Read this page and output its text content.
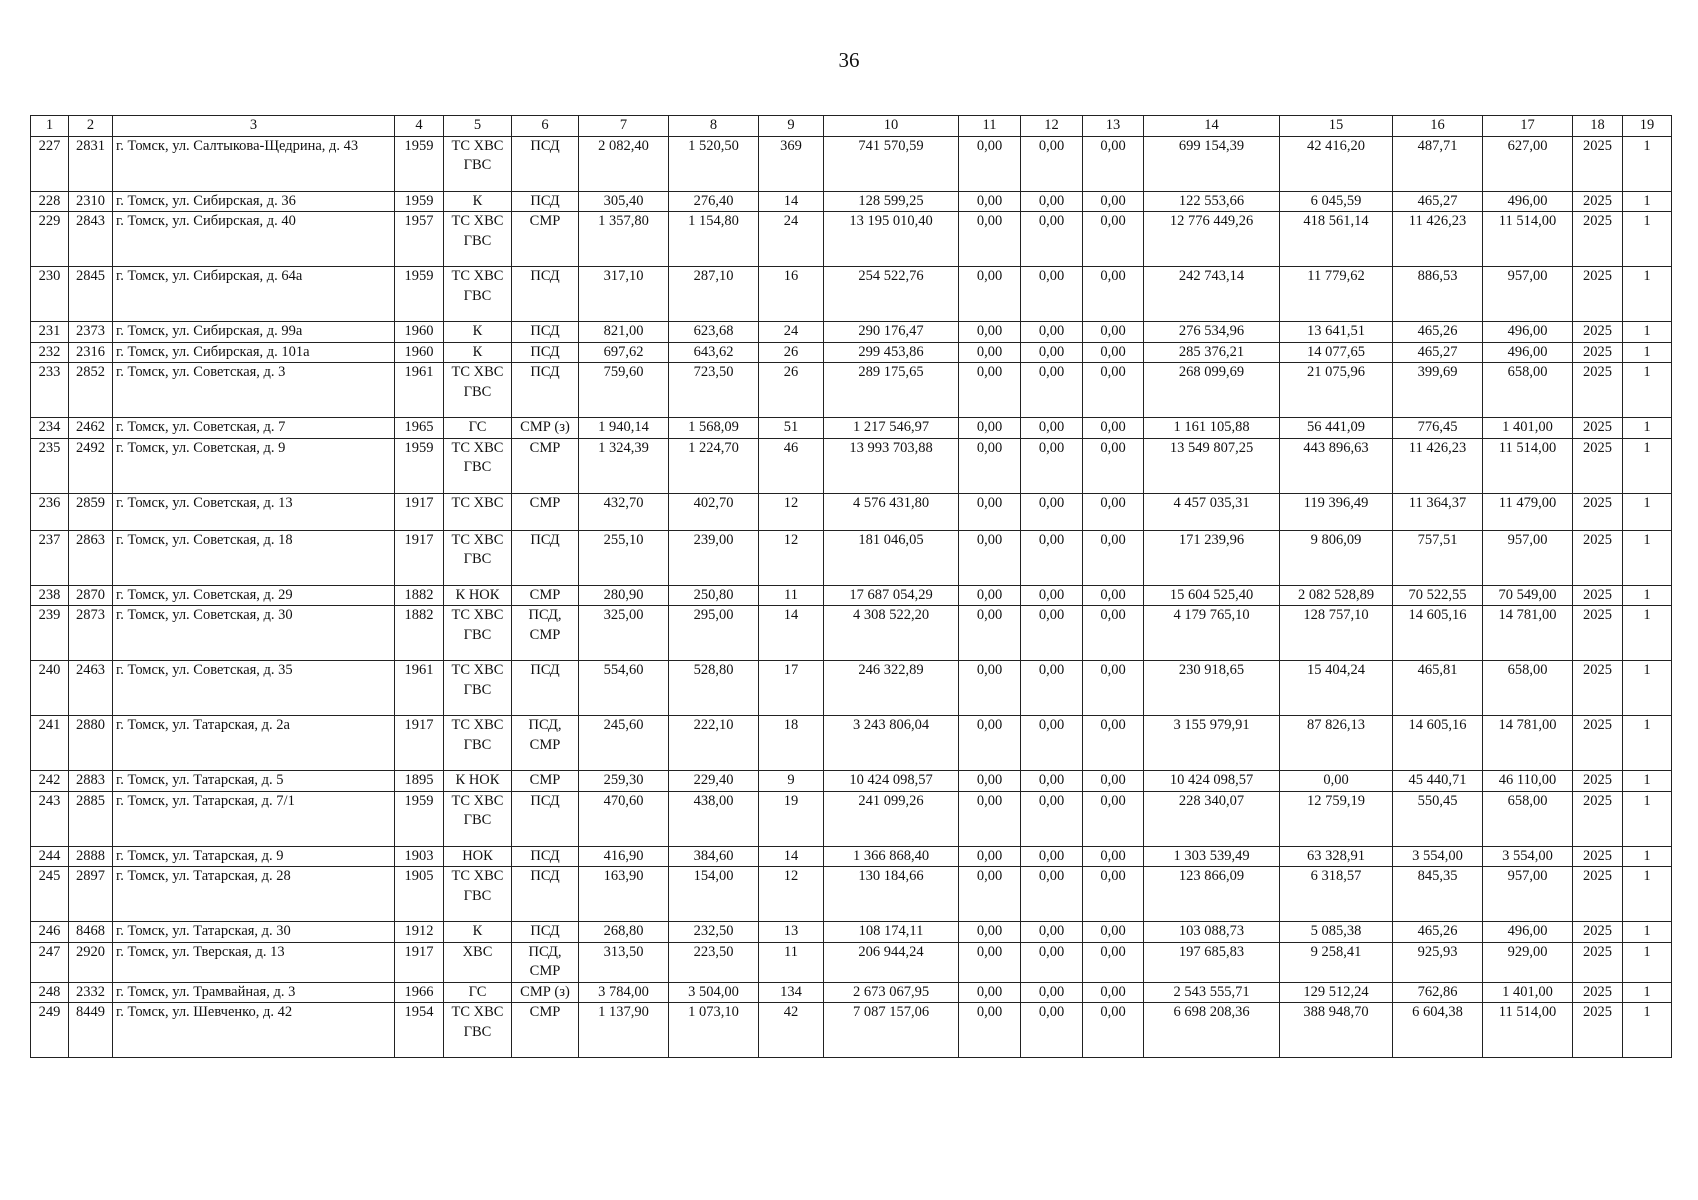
36
1	2	3	4	5	6	7	8	9	10	11	12	13	14	15	16	17	18	19
227	2831	г. Томск, ул. Салтыкова-Щедрина, д. 43	1959	ТС ХВС ГВС	ПСД	2 082,40	1 520,50	369	741 570,59	0,00	0,00	0,00	699 154,39	42 416,20	487,71	627,00	2025	1
228	2310	г. Томск, ул. Сибирская, д. 36	1959	К	ПСД	305,40	276,40	14	128 599,25	0,00	0,00	0,00	122 553,66	6 045,59	465,27	496,00	2025	1
229	2843	г. Томск, ул. Сибирская, д. 40	1957	ТС ХВС ГВС	СМР	1 357,80	1 154,80	24	13 195 010,40	0,00	0,00	0,00	12 776 449,26	418 561,14	11 426,23	11 514,00	2025	1
230	2845	г. Томск, ул. Сибирская, д. 64а	1959	ТС ХВС ГВС	ПСД	317,10	287,10	16	254 522,76	0,00	0,00	0,00	242 743,14	11 779,62	886,53	957,00	2025	1
231	2373	г. Томск, ул. Сибирская, д. 99а	1960	К	ПСД	821,00	623,68	24	290 176,47	0,00	0,00	0,00	276 534,96	13 641,51	465,26	496,00	2025	1
232	2316	г. Томск, ул. Сибирская, д. 101а	1960	К	ПСД	697,62	643,62	26	299 453,86	0,00	0,00	0,00	285 376,21	14 077,65	465,27	496,00	2025	1
233	2852	г. Томск, ул. Советская, д. 3	1961	ТС ХВС ГВС	ПСД	759,60	723,50	26	289 175,65	0,00	0,00	0,00	268 099,69	21 075,96	399,69	658,00	2025	1
234	2462	г. Томск, ул. Советская, д. 7	1965	ГС	СМР (з)	1 940,14	1 568,09	51	1 217 546,97	0,00	0,00	0,00	1 161 105,88	56 441,09	776,45	1 401,00	2025	1
235	2492	г. Томск, ул. Советская, д. 9	1959	ТС ХВС ГВС	СМР	1 324,39	1 224,70	46	13 993 703,88	0,00	0,00	0,00	13 549 807,25	443 896,63	11 426,23	11 514,00	2025	1
236	2859	г. Томск, ул. Советская, д. 13	1917	ТС ХВС	СМР	432,70	402,70	12	4 576 431,80	0,00	0,00	0,00	4 457 035,31	119 396,49	11 364,37	11 479,00	2025	1
237	2863	г. Томск, ул. Советская, д. 18	1917	ТС ХВС ГВС	ПСД	255,10	239,00	12	181 046,05	0,00	0,00	0,00	171 239,96	9 806,09	757,51	957,00	2025	1
238	2870	г. Томск, ул. Советская, д. 29	1882	К НОК	СМР	280,90	250,80	11	17 687 054,29	0,00	0,00	0,00	15 604 525,40	2 082 528,89	70 522,55	70 549,00	2025	1
239	2873	г. Томск, ул. Советская, д. 30	1882	ТС ХВС ГВС	ПСД, СМР	325,00	295,00	14	4 308 522,20	0,00	0,00	0,00	4 179 765,10	128 757,10	14 605,16	14 781,00	2025	1
240	2463	г. Томск, ул. Советская, д. 35	1961	ТС ХВС ГВС	ПСД	554,60	528,80	17	246 322,89	0,00	0,00	0,00	230 918,65	15 404,24	465,81	658,00	2025	1
241	2880	г. Томск, ул. Татарская, д. 2а	1917	ТС ХВС ГВС	ПСД, СМР	245,60	222,10	18	3 243 806,04	0,00	0,00	0,00	3 155 979,91	87 826,13	14 605,16	14 781,00	2025	1
242	2883	г. Томск, ул. Татарская, д. 5	1895	К НОК	СМР	259,30	229,40	9	10 424 098,57	0,00	0,00	0,00	10 424 098,57	0,00	45 440,71	46 110,00	2025	1
243	2885	г. Томск, ул. Татарская, д. 7/1	1959	ТС ХВС ГВС	ПСД	470,60	438,00	19	241 099,26	0,00	0,00	0,00	228 340,07	12 759,19	550,45	658,00	2025	1
244	2888	г. Томск, ул. Татарская, д. 9	1903	НОК	ПСД	416,90	384,60	14	1 366 868,40	0,00	0,00	0,00	1 303 539,49	63 328,91	3 554,00	3 554,00	2025	1
245	2897	г. Томск, ул. Татарская, д. 28	1905	ТС ХВС ГВС	ПСД	163,90	154,00	12	130 184,66	0,00	0,00	0,00	123 866,09	6 318,57	845,35	957,00	2025	1
246	8468	г. Томск, ул. Татарская, д. 30	1912	К	ПСД	268,80	232,50	13	108 174,11	0,00	0,00	0,00	103 088,73	5 085,38	465,26	496,00	2025	1
247	2920	г. Томск, ул. Тверская, д. 13	1917	ХВС	ПСД, СМР	313,50	223,50	11	206 944,24	0,00	0,00	0,00	197 685,83	9 258,41	925,93	929,00	2025	1
248	2332	г. Томск, ул. Трамвайная, д. 3	1966	ГС	СМР (з)	3 784,00	3 504,00	134	2 673 067,95	0,00	0,00	0,00	2 543 555,71	129 512,24	762,86	1 401,00	2025	1
249	8449	г. Томск, ул. Шевченко, д. 42	1954	ТС ХВС ГВС	СМР	1 137,90	1 073,10	42	7 087 157,06	0,00	0,00	0,00	6 698 208,36	388 948,70	6 604,38	11 514,00	2025	1
